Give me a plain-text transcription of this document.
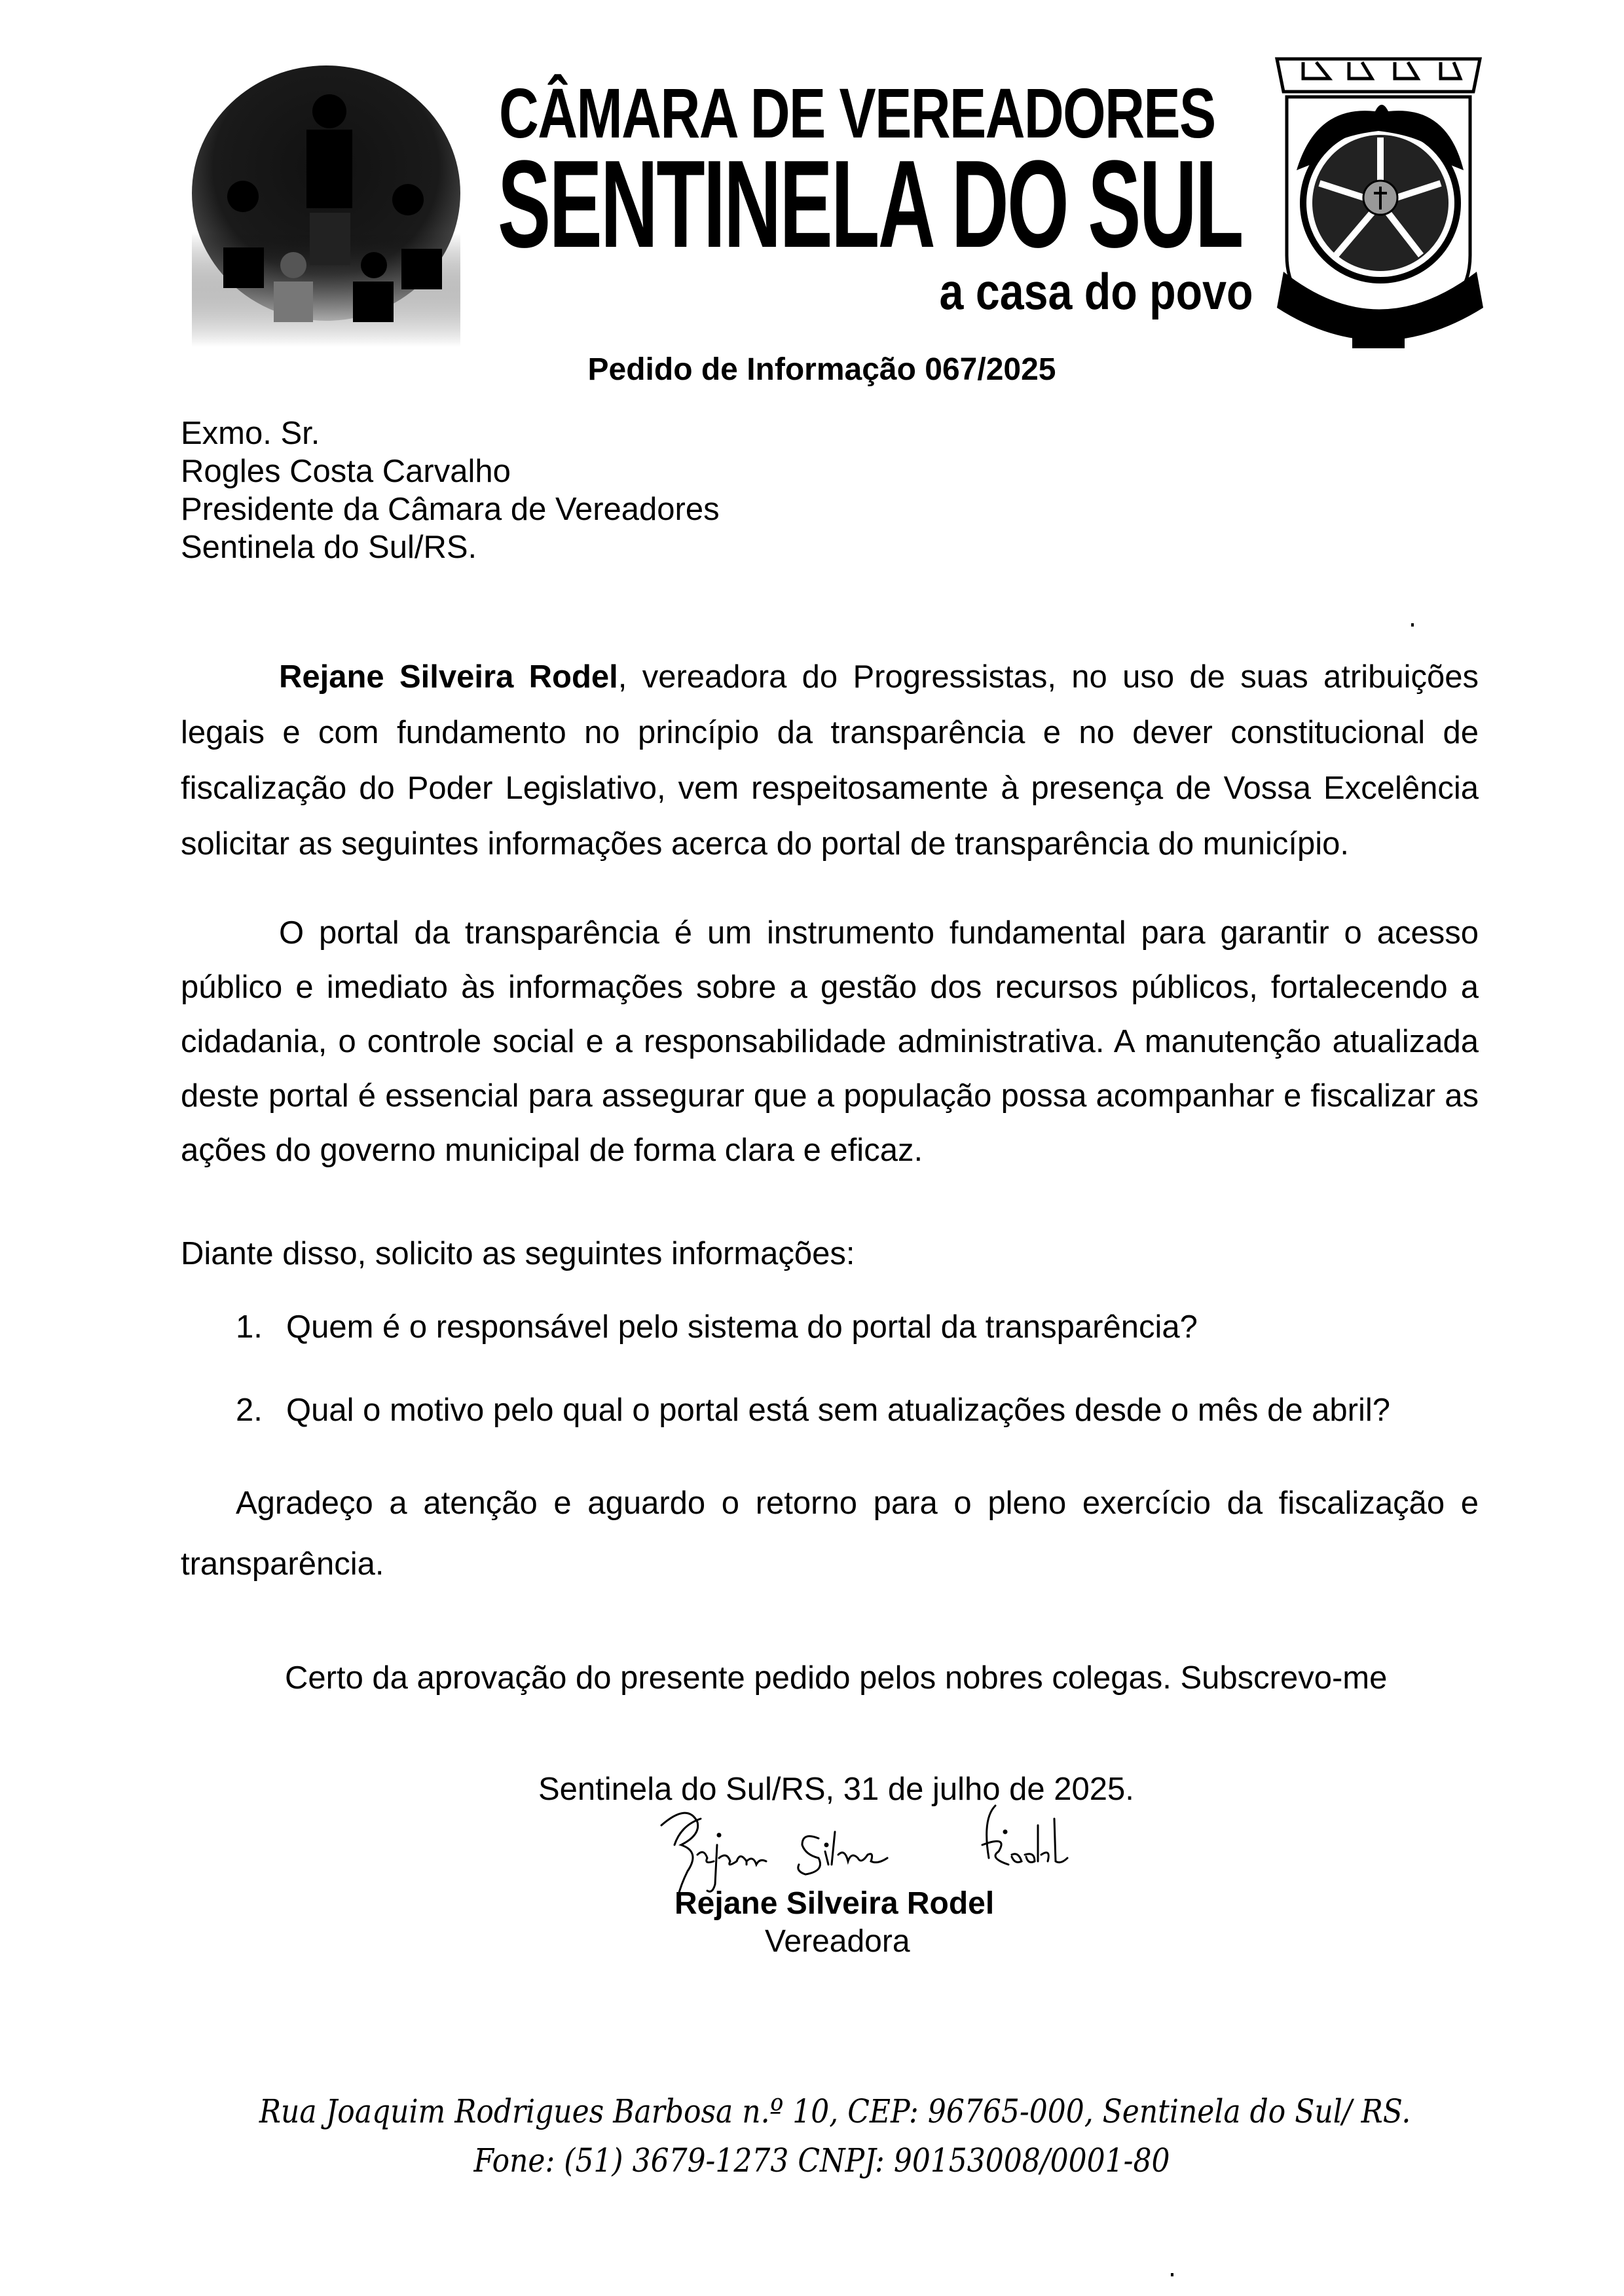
CÂMARA DE VEREADORES
SENTINELA DO SUL
a casa do povo
Pedido de Informação 067/2025
Exmo. Sr.
Rogles Costa Carvalho
Presidente da Câmara de Vereadores
Sentinela do Sul/RS.
Rejane Silveira Rodel, vereadora do Progressistas, no uso de suas atribuições legais e com fundamento no princípio da transparência e no dever constitucional de fiscalização do Poder Legislativo, vem respeitosamente à presença de Vossa Excelência solicitar as seguintes informações acerca do portal de transparência do município.
O portal da transparência é um instrumento fundamental para garantir o acesso público e imediato às informações sobre a gestão dos recursos públicos, fortalecendo a cidadania, o controle social e a responsabilidade administrativa. A manutenção atualizada deste portal é essencial para assegurar que a população possa acompanhar e fiscalizar as ações do governo municipal de forma clara e eficaz.
Diante disso, solicito as seguintes informações:
1. Quem é o responsável pelo sistema do portal da transparência?
2. Qual o motivo pelo qual o portal está sem atualizações desde o mês de abril?
Agradeço a atenção e aguardo o retorno para o pleno exercício da fiscalização e transparência.
Certo da aprovação do presente pedido pelos nobres colegas. Subscrevo-me
Sentinela do Sul/RS, 31 de julho de 2025.
Rejane Silveira Rodel
Vereadora
Rua Joaquim Rodrigues Barbosa n.º 10, CEP: 96765-000, Sentinela do Sul/ RS.
Fone: (51) 3679-1273 CNPJ: 90153008/0001-80
